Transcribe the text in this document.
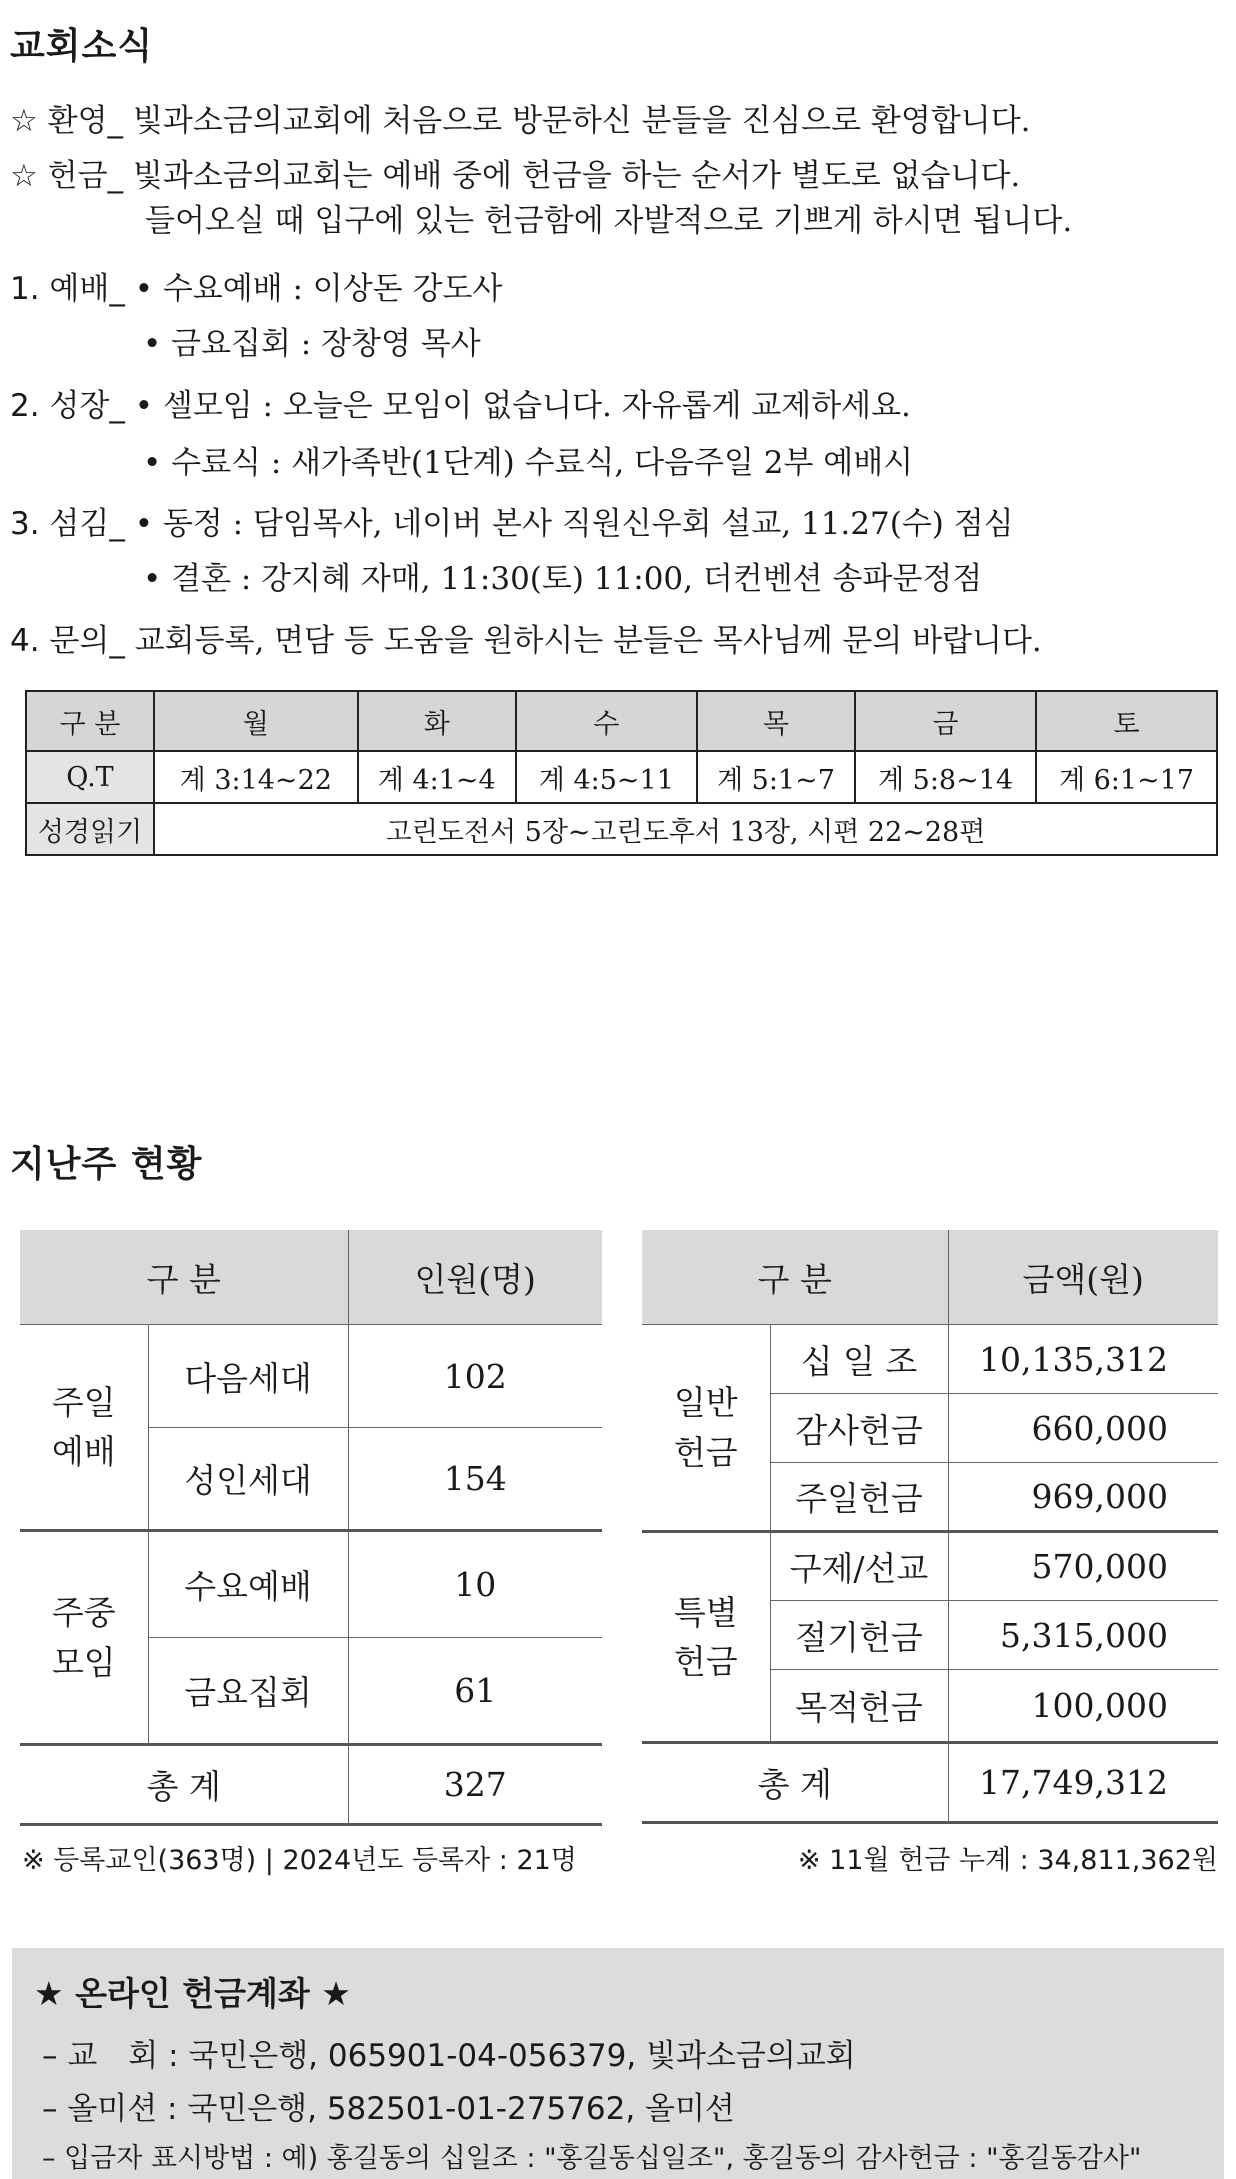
교회소식
☆ 환영_ 빛과소금의교회에 처음으로 방문하신 분들을 진심으로 환영합니다.
☆ 헌금_ 빛과소금의교회는 예배 중에 헌금을 하는 순서가 별도로 없습니다.
들어오실 때 입구에 있는 헌금함에 자발적으로 기쁘게 하시면 됩니다.
1. 예배_ • 수요예배 : 이상돈 강도사
• 금요집회 : 장창영 목사
2. 성장_ • 셀모임 : 오늘은 모임이 없습니다. 자유롭게 교제하세요.
• 수료식 : 새가족반(1단계) 수료식, 다음주일 2부 예배시
3. 섬김_ • 동정 : 담임목사, 네이버 본사 직원신우회 설교, 11.27(수) 점심
• 결혼 : 강지혜 자매, 11:30(토) 11:00, 더컨벤션 송파문정점
4. 문의_ 교회등록, 면담 등 도움을 원하시는 분들은 목사님께 문의 바랍니다.
구 분	월	화	수	목	금	토
Q.T	계 3:14~22	계 4:1~4	계 4:5~11	계 5:1~7	계 5:8~14	계 6:1~17
성경읽기	고린도전서 5장~고린도후서 13장, 시편 22~28편					
지난주 현황
구 분		인원(명)
주일
예배	다음세대	102
	성인세대	154
주중
모임	수요예배	10
	금요집회	61
총 계		327
구 분		금액(원)
일반
헌금	십 일 조	10,135,312
	감사헌금	660,000
	주일헌금	969,000
특별
헌금	구제/선교	570,000
	절기헌금	5,315,000
	목적헌금	100,000
총 계		17,749,312
※ 등록교인(363명) | 2024년도 등록자 : 21명	※ 11월 헌금 누계 : 34,811,362원
★ 온라인 헌금계좌 ★
– 교　회 : 국민은행, 065901-04-056379, 빛과소금의교회
– 올미션 : 국민은행, 582501-01-275762, 올미션
– 입금자 표시방법 : 예) 홍길동의 십일조 : "홍길동십일조", 홍길동의 감사헌금 : "홍길동감사"
